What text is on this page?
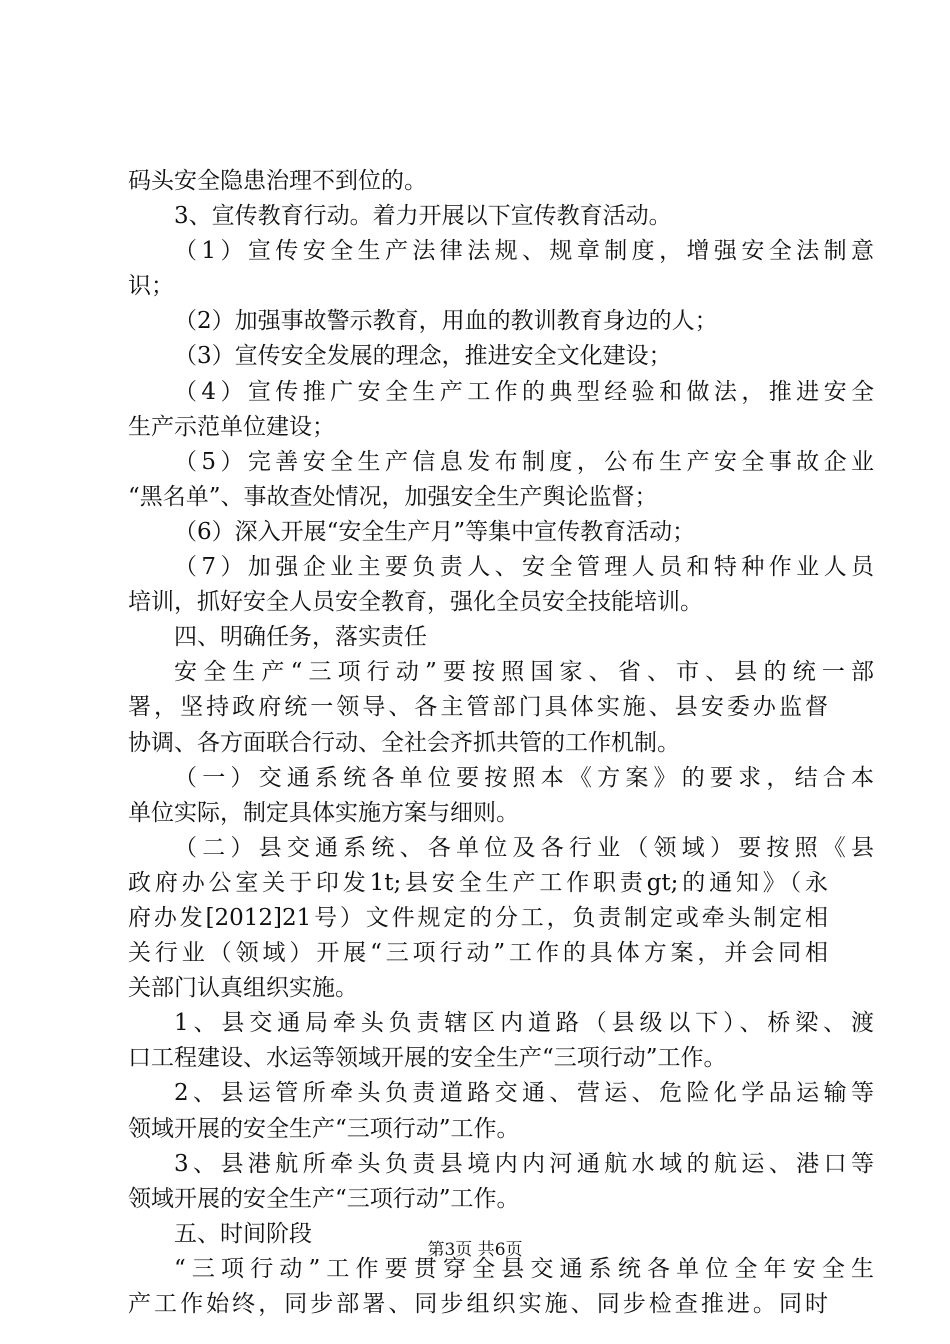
码头安全隐患治理不到位的。
3、宣传教育行动。着力开展以下宣传教育活动。
（1）宣传安全生产法律法规、规章制度，增强安全法制意
识；
（2）加强事故警示教育，用血的教训教育身边的人；
（3）宣传安全发展的理念，推进安全文化建设；
（4）宣传推广安全生产工作的典型经验和做法，推进安全
生产示范单位建设；
（5）完善安全生产信息发布制度，公布生产安全事故企业
“黑名单”、事故查处情况，加强安全生产舆论监督；
（6）深入开展“安全生产月”等集中宣传教育活动；
（7）加强企业主要负责人、安全管理人员和特种作业人员
培训，抓好安全人员安全教育，强化全员安全技能培训。
四、明确任务，落实责任
安全生产“三项行动”要按照国家、省、市、县的统一部
署，坚持政府统一领导、各主管部门具体实施、县安委办监督
协调、各方面联合行动、全社会齐抓共管的工作机制。
（一）交通系统各单位要按照本《方案》的要求，结合本
单位实际，制定具体实施方案与细则。
（二）县交通系统、各单位及各行业（领域）要按照《县
政府办公室关于印发1t;县安全生产工作职责gt;的通知》（永
府办发[2012]21号）文件规定的分工，负责制定或牵头制定相
关行业（领域）开展“三项行动”工作的具体方案，并会同相
关部门认真组织实施。
1、县交通局牵头负责辖区内道路（县级以下）、桥梁、渡
口工程建设、水运等领域开展的安全生产“三项行动”工作。
2、县运管所牵头负责道路交通、营运、危险化学品运输等
领域开展的安全生产“三项行动”工作。
3、县港航所牵头负责县境内内河通航水域的航运、港口等
领域开展的安全生产“三项行动”工作。
五、时间阶段
“三项行动”工作要贯穿全县交通系统各单位全年安全生
产工作始终，同步部署、同步组织实施、同步检查推进。同时
第3页 共6页
